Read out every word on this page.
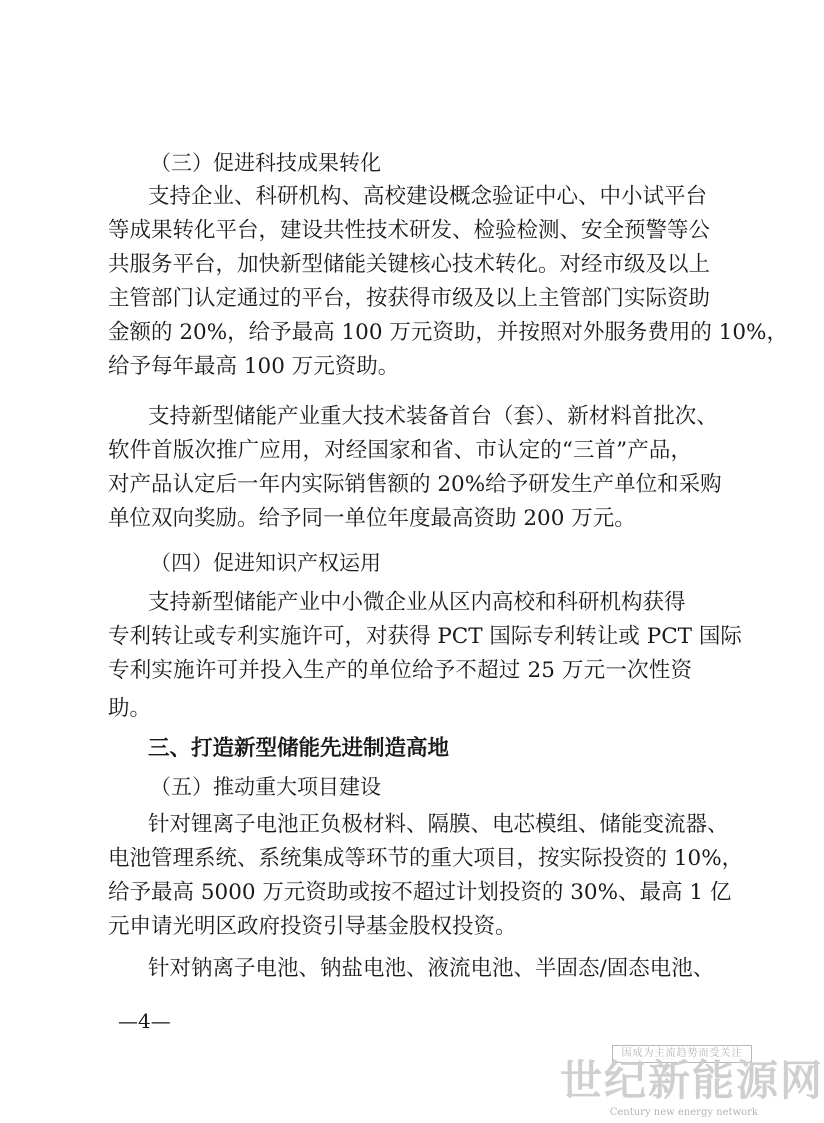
（三）促进科技成果转化
支持企业、科研机构、高校建设概念验证中心、中小试平台
等成果转化平台，建设共性技术研发、检验检测、安全预警等公
共服务平台，加快新型储能关键核心技术转化。对经市级及以上
主管部门认定通过的平台，按获得市级及以上主管部门实际资助
金额的 20%，给予最高 100 万元资助，并按照对外服务费用的 10%，
给予每年最高 100 万元资助。
支持新型储能产业重大技术装备首台（套）、新材料首批次、
软件首版次推广应用，对经国家和省、市认定的“三首”产品，
对产品认定后一年内实际销售额的 20%给予研发生产单位和采购
单位双向奖励。给予同一单位年度最高资助 200 万元。
（四）促进知识产权运用
支持新型储能产业中小微企业从区内高校和科研机构获得
专利转让或专利实施许可，对获得 PCT 国际专利转让或 PCT 国际
专利实施许可并投入生产的单位给予不超过 25 万元一次性资
助。
三、打造新型储能先进制造高地
（五）推动重大项目建设
针对锂离子电池正负极材料、隔膜、电芯模组、储能变流器、
电池管理系统、系统集成等环节的重大项目，按实际投资的 10%，
给予最高 5000 万元资助或按不超过计划投资的 30%、最高 1 亿
元申请光明区政府投资引导基金股权投资。
针对钠离子电池、钠盐电池、液流电池、半固态/固态电池、
—4—
因成为主流趋势而受关注
世纪新能源网
Century new energy network
